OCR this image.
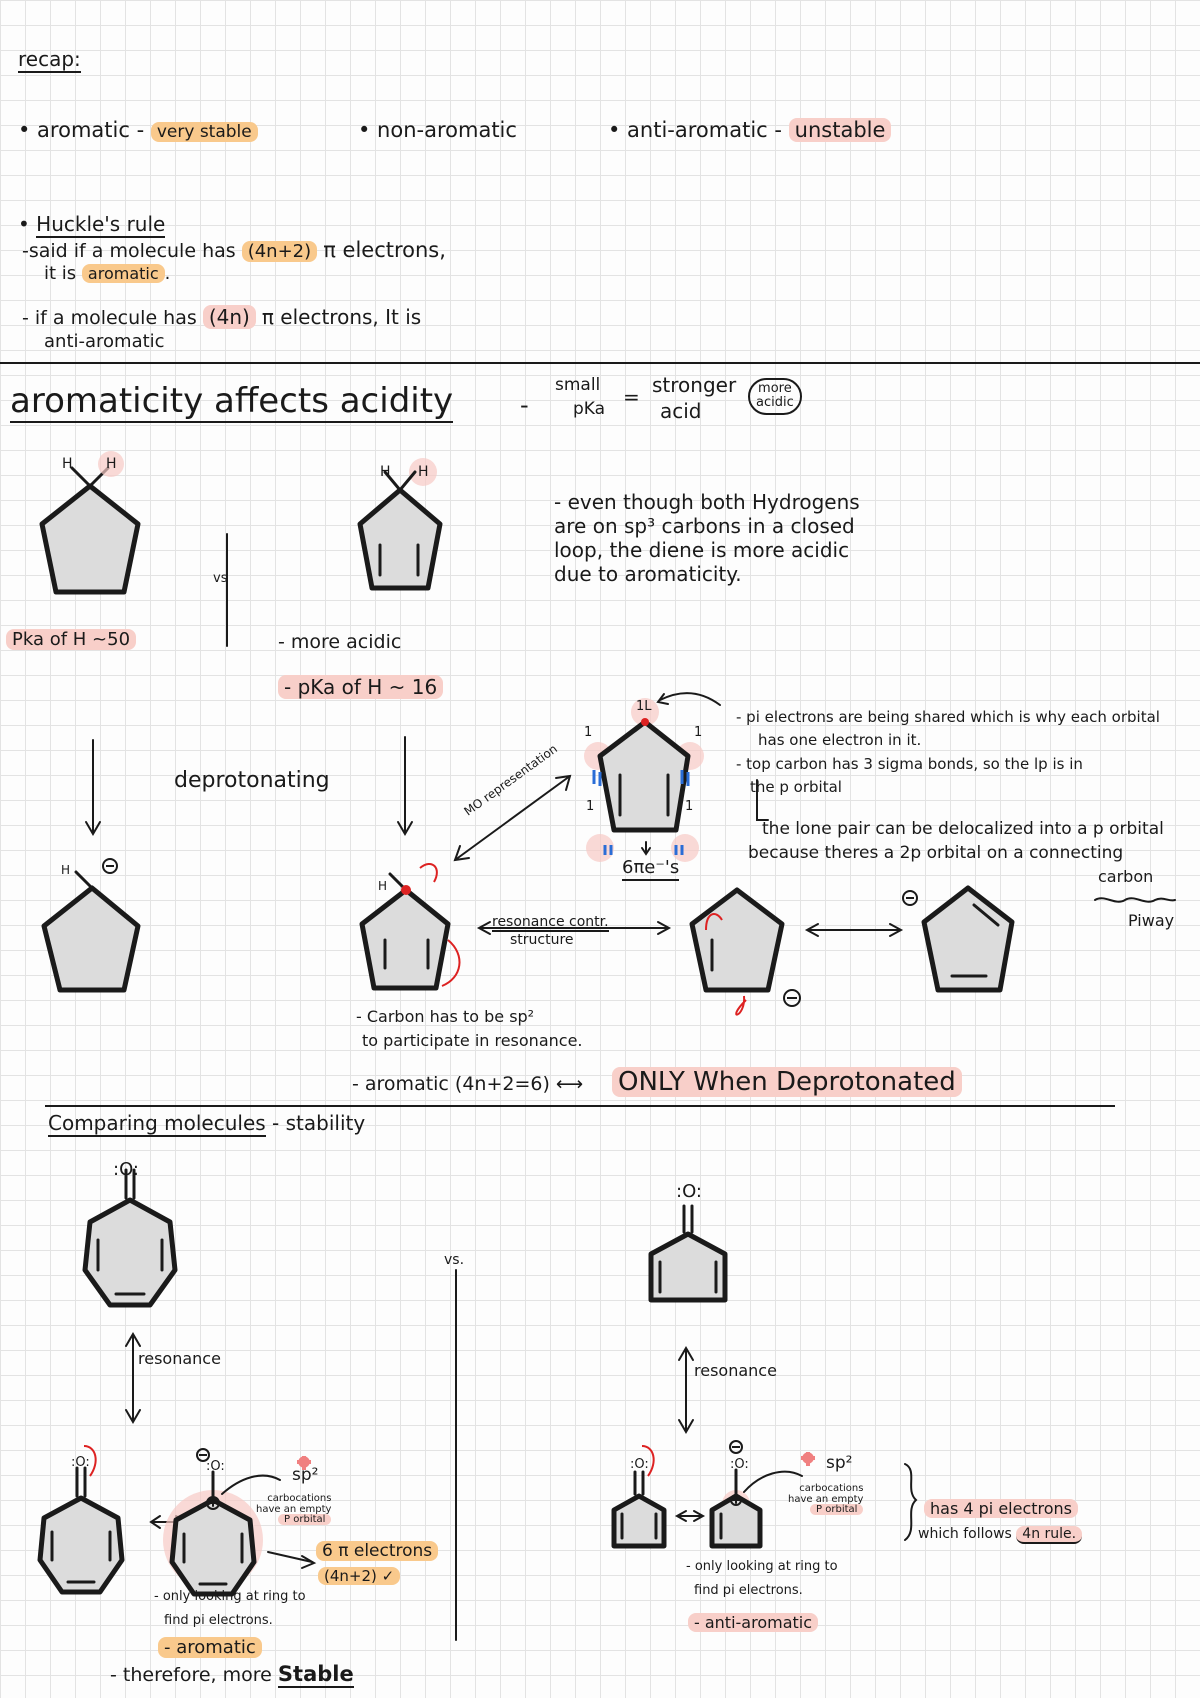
recap:
• aromatic - very stable	• non-aromatic	• anti-aromatic - unstable
• Huckle's rule
-said if a molecule has (4n+2) π electrons,
it is aromatic .
- if a molecule has (4n) π electrons, It is
anti-aromatic
aromaticity affects acidity	-
small
pKa = stronger
acid
more
acidic
H H	H H
- even though both Hydrogens
are on sp³ carbons in a closed
loop, the diene is more acidic
due to aromaticity.
vs
Pka of H ~50	- more acidic
- pKa of H ~ 16
deprotonating	MO representation
1L
1	1
1	1
6πe⁻'s
- pi electrons are being shared which is why each orbital
has one electron in it.
- top carbon has 3 sigma bonds, so the lp is in
the p orbital
the lone pair can be delocalized into a p orbital
because theres a 2p orbital on a connecting
carbon
Piway
H
H
resonance contr.
structure
- Carbon has to be sp²
to participate in resonance.
- aromatic (4n+2=6) ⟷ ONLY When Deprotonated
Comparing molecules - stability
:O:
:O:
vs.
resonance
resonance
:O:	:O:	:O:	:O:
sp²
carbocations
have an empty
P orbital
6 π electrons
(4n+2) ✓
- only looking at ring to
find pi electrons.
- aromatic
- therefore, more Stable
sp²
carbocations
have an empty
P orbital
- only looking at ring to
find pi electrons.
- anti-aromatic
has 4 pi electrons
which follows 4n rule.
